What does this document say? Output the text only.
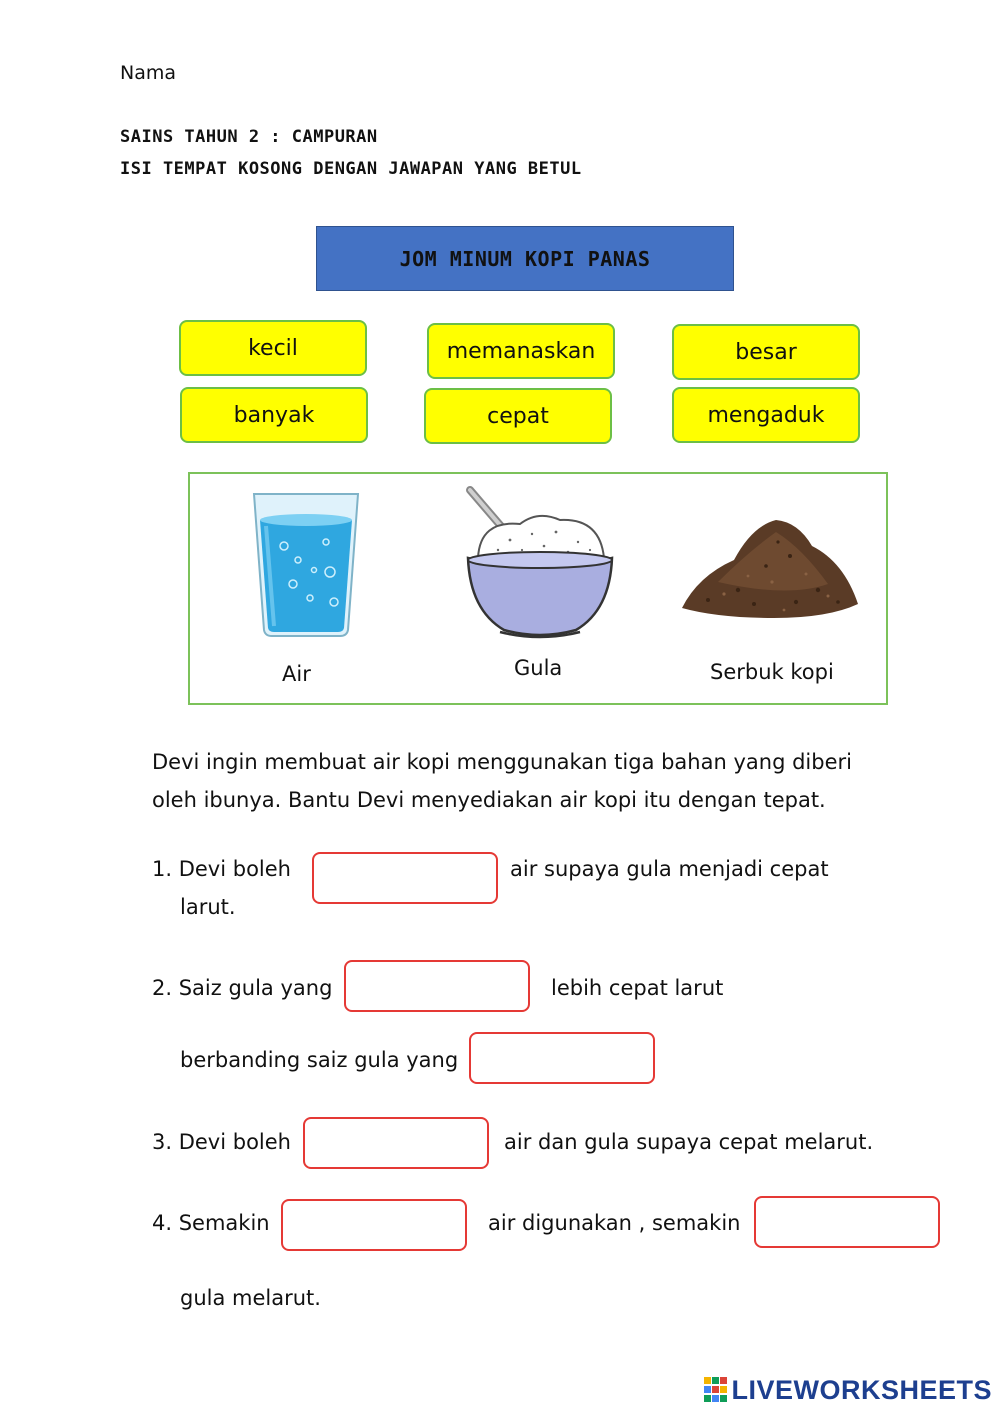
Nama
SAINS TAHUN 2 : CAMPURAN
ISI TEMPAT KOSONG DENGAN JAWAPAN YANG BETUL
JOM MINUM KOPI PANAS
kecil	memanaskan	besar
banyak	cepat	mengaduk
Air	Gula	Serbuk kopi
Devi ingin membuat air kopi menggunakan tiga bahan yang diberi
oleh ibunya. Bantu Devi menyediakan air kopi itu dengan tepat.
1. Devi boleh	air supaya gula menjadi cepat
larut.
2. Saiz gula yang	lebih cepat larut
berbanding saiz gula yang
3. Devi boleh	air dan gula supaya cepat melarut.
4. Semakin	air digunakan , semakin
gula melarut.
LIVEWORKSHEETS
